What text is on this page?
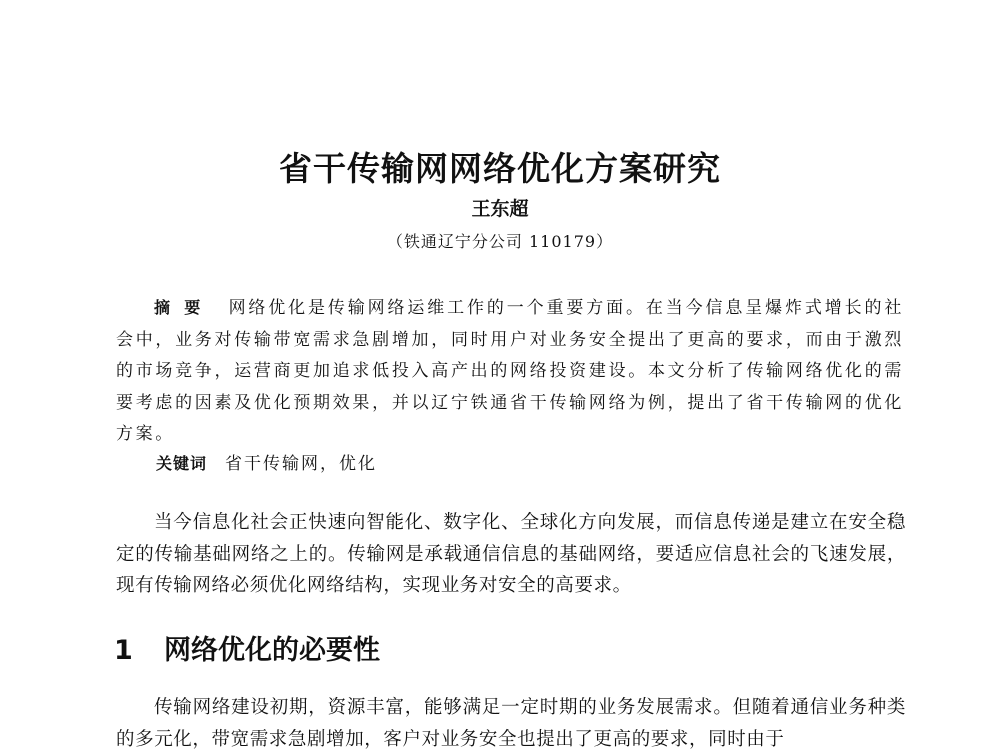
省干传输网网络优化方案研究
王东超
（铁通辽宁分公司 110179）
摘要 网络优化是传输网络运维工作的一个重要方面。在当今信息呈爆炸式增长的社会中，业务对传输带宽需求急剧增加，同时用户对业务安全提出了更高的要求，而由于激烈的市场竞争，运营商更加追求低投入高产出的网络投资建设。本文分析了传输网络优化的需要考虑的因素及优化预期效果，并以辽宁铁通省干传输网络为例，提出了省干传输网的优化方案。
关键词 省干传输网，优化
当今信息化社会正快速向智能化、数字化、全球化方向发展，而信息传递是建立在安全稳定的传输基础网络之上的。传输网是承载通信信息的基础网络，要适应信息社会的飞速发展，现有传输网络必须优化网络结构，实现业务对安全的高要求。
1 网络优化的必要性
传输网络建设初期，资源丰富，能够满足一定时期的业务发展需求。但随着通信业务种类的多元化，带宽需求急剧增加，客户对业务安全也提出了更高的要求，同时由于
